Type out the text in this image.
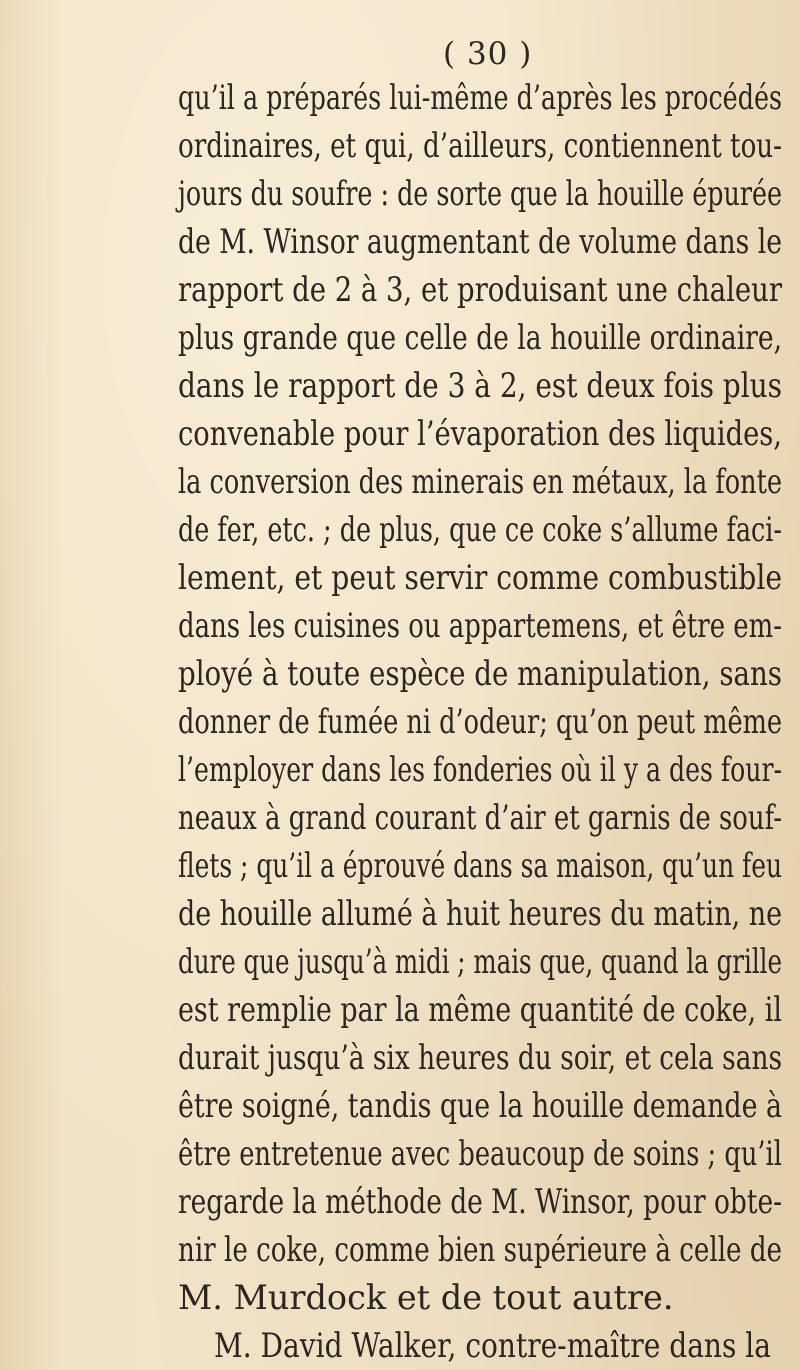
( 30 )
qu’il a préparés lui-même d’après les procédés
ordinaires, et qui, d’ailleurs, contiennent tou-
jours du soufre : de sorte que la houille épurée
de M. Winsor augmentant de volume dans le
rapport de 2 à 3, et produisant une chaleur
plus grande que celle de la houille ordinaire,
dans le rapport de 3 à 2, est deux fois plus
convenable pour l’évaporation des liquides,
la conversion des minerais en métaux, la fonte
de fer, etc. ; de plus, que ce coke s’allume faci-
lement, et peut servir comme combustible
dans les cuisines ou appartemens, et être em-
ployé à toute espèce de manipulation, sans
donner de fumée ni d’odeur; qu’on peut même
l’employer dans les fonderies où il y a des four-
neaux à grand courant d’air et garnis de souf-
flets ; qu’il a éprouvé dans sa maison, qu’un feu
de houille allumé à huit heures du matin, ne
dure que jusqu’à midi ; mais que, quand la grille
est remplie par la même quantité de coke, il
durait jusqu’à six heures du soir, et cela sans
être soigné, tandis que la houille demande à
être entretenue avec beaucoup de soins ; qu’il
regarde la méthode de M. Winsor, pour obte-
nir le coke, comme bien supérieure à celle de
M. Murdock et de tout autre.
M. David Walker, contre-maître dans la
